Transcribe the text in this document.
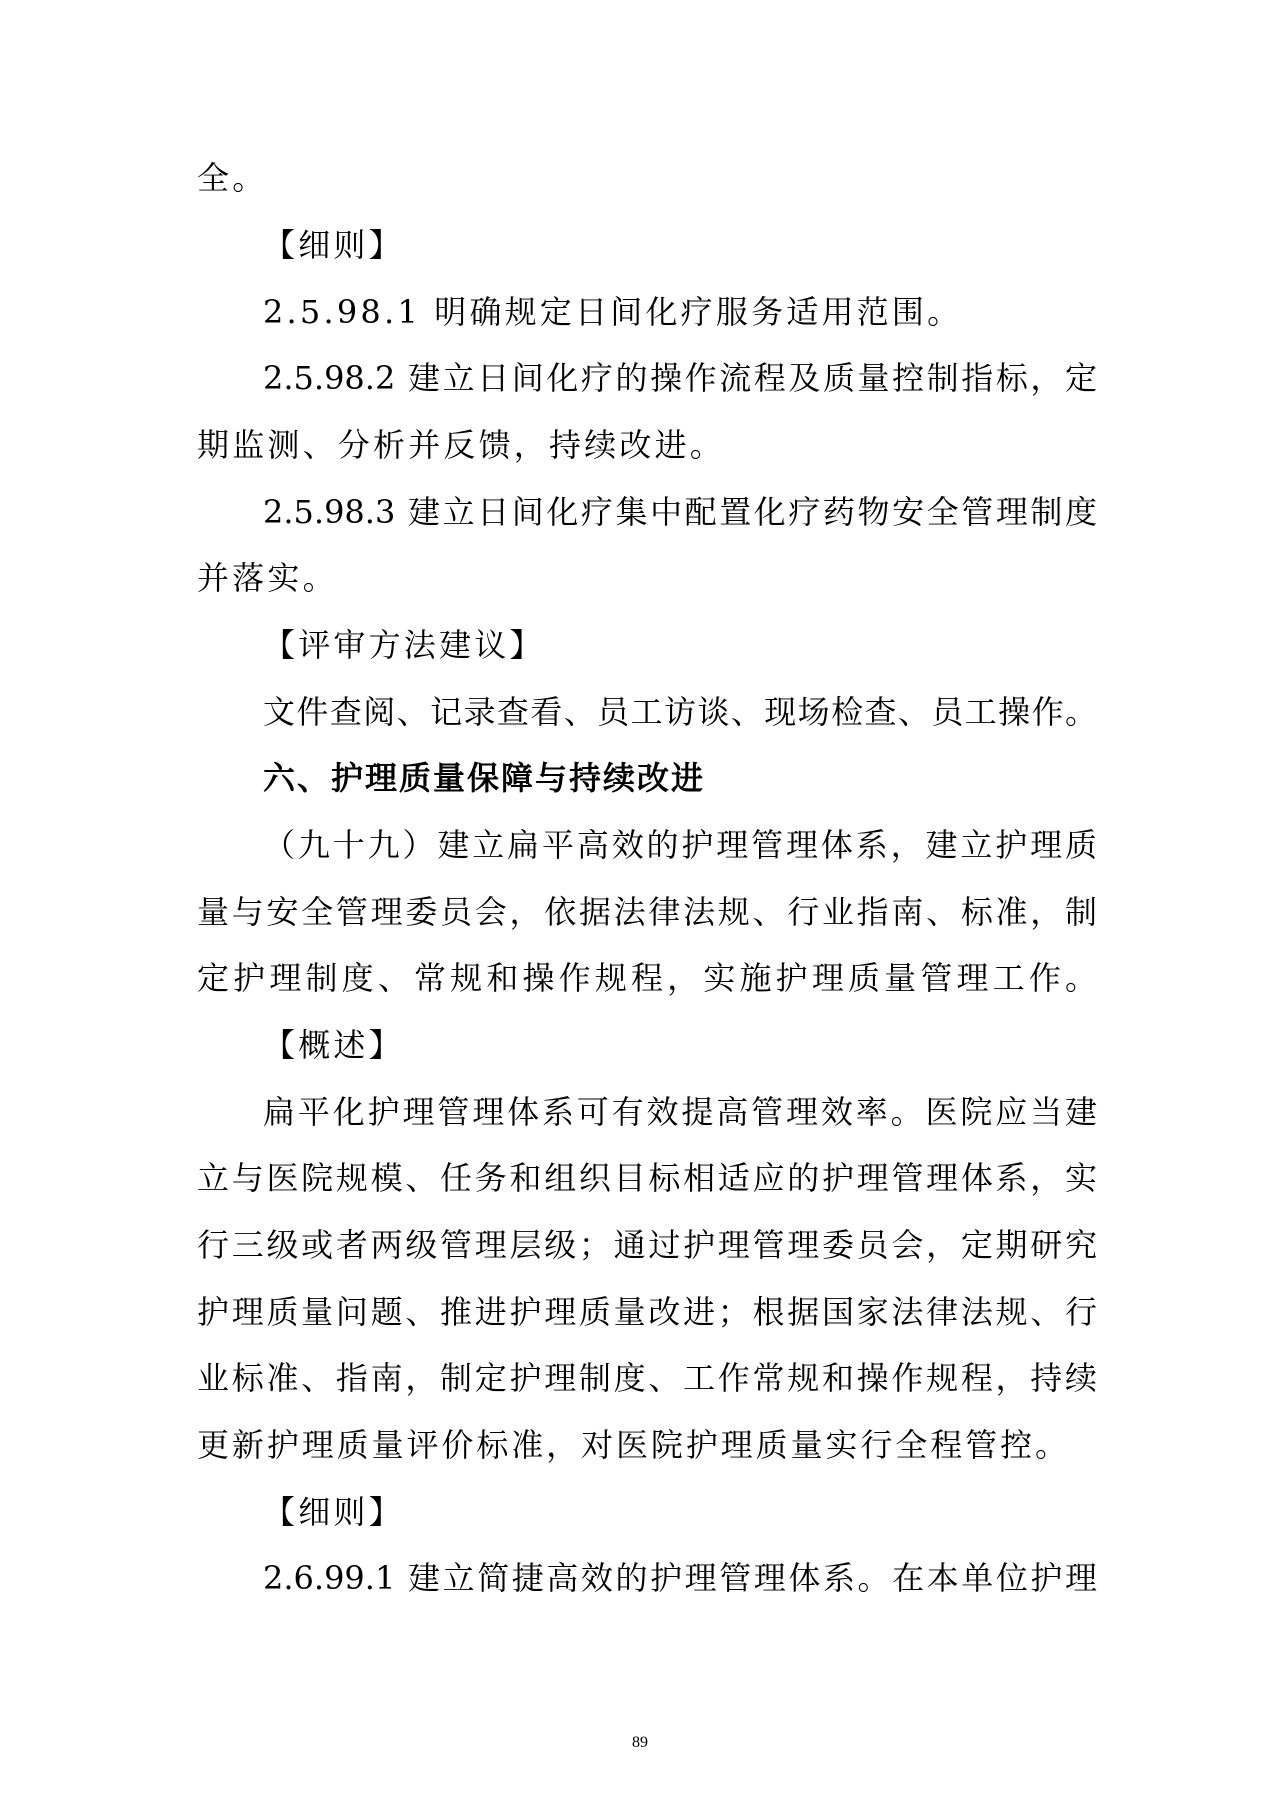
全。
【细则】
2.5.98.1 明确规定日间化疗服务适用范围。
2.5.98.2 建立日间化疗的操作流程及质量控制指标，定
期监测、分析并反馈，持续改进。
2.5.98.3 建立日间化疗集中配置化疗药物安全管理制度
并落实。
【评审方法建议】
文件查阅、记录查看、员工访谈、现场检查、员工操作。
六、护理质量保障与持续改进
（九十九）建立扁平高效的护理管理体系，建立护理质
量与安全管理委员会，依据法律法规、行业指南、标准，制
定护理制度、常规和操作规程，实施护理质量管理工作。
【概述】
扁平化护理管理体系可有效提高管理效率。医院应当建
立与医院规模、任务和组织目标相适应的护理管理体系，实
行三级或者两级管理层级；通过护理管理委员会，定期研究
护理质量问题、推进护理质量改进；根据国家法律法规、行
业标准、指南，制定护理制度、工作常规和操作规程，持续
更新护理质量评价标准，对医院护理质量实行全程管控。
【细则】
2.6.99.1 建立简捷高效的护理管理体系。在本单位护理
89
